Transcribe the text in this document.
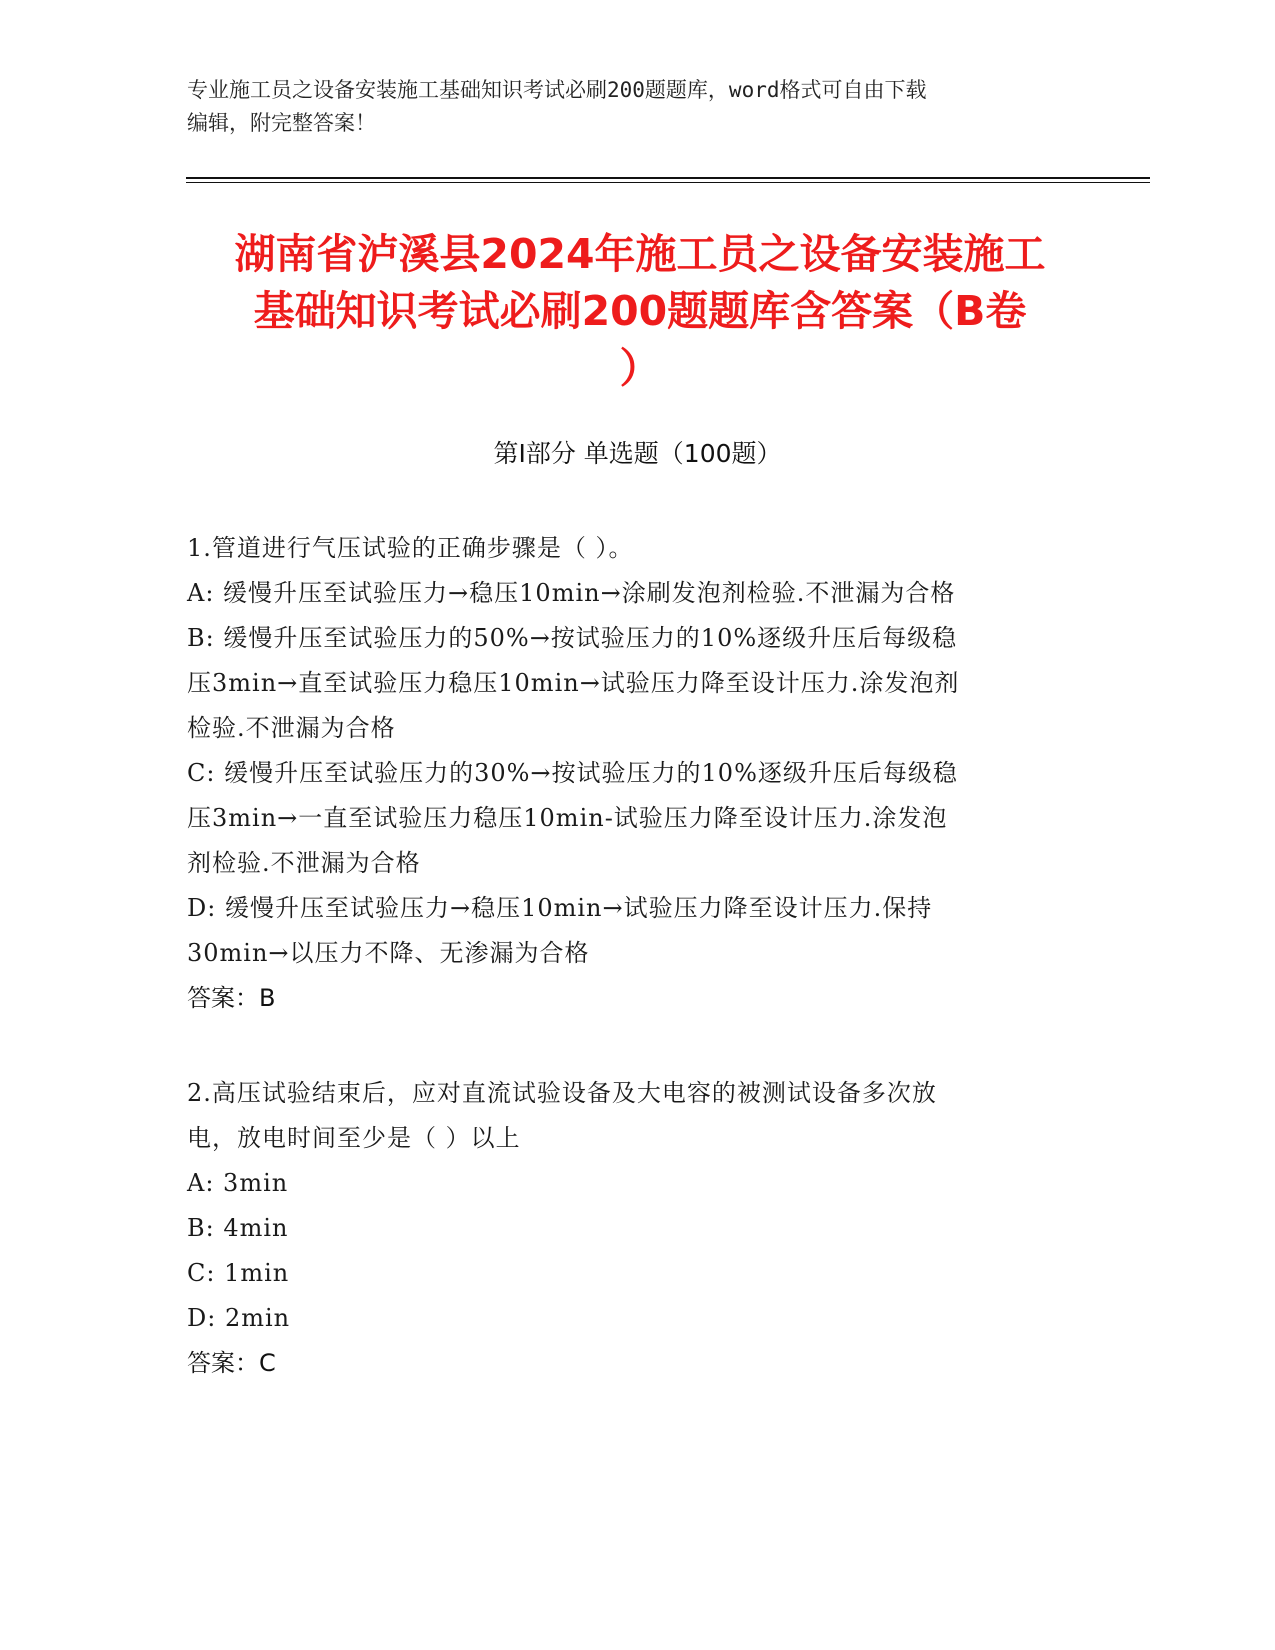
专业施工员之设备安装施工基础知识考试必刷200题题库，word格式可自由下载
编辑，附完整答案！
湖南省泸溪县2024年施工员之设备安装施工
基础知识考试必刷200题题库含答案（B卷
）
第Ⅰ部分 单选题（100题）
1.管道进行气压试验的正确步骤是（ ）。
A: 缓慢升压至试验压力→稳压10min→涂刷发泡剂检验.不泄漏为合格
B: 缓慢升压至试验压力的50%→按试验压力的10%逐级升压后每级稳
压3min→直至试验压力稳压10min→试验压力降至设计压力.涂发泡剂
检验.不泄漏为合格
C: 缓慢升压至试验压力的30%→按试验压力的10%逐级升压后每级稳
压3min→一直至试验压力稳压10min-试验压力降至设计压力.涂发泡
剂检验.不泄漏为合格
D: 缓慢升压至试验压力→稳压10min→试验压力降至设计压力.保持
30min→以压力不降、无渗漏为合格
答案：B
2.高压试验结束后，应对直流试验设备及大电容的被测试设备多次放
电，放电时间至少是（ ）以上
A: 3min
B: 4min
C: 1min
D: 2min
答案：C
